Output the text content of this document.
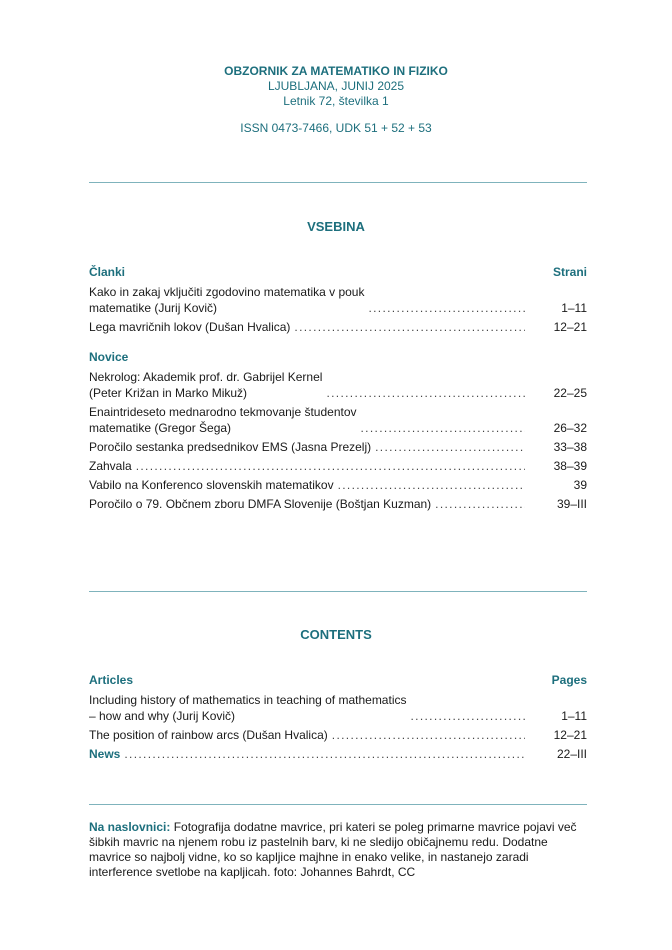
OBZORNIK ZA MATEMATIKO IN FIZIKO
LJUBLJANA, JUNIJ 2025
Letnik 72, številka 1
ISSN 0473-7466, UDK 51 + 52 + 53
VSEBINA
Članki	Strani
Kako in zakaj vključiti zgodovino matematika v pouk
matematike (Jurij Kovič) . . .	1–11
Lega mavričnih lokov (Dušan Hvalica) . . .	12–21
Novice
Nekrolog: Akademik prof. dr. Gabrijel Kernel
(Peter Križan in Marko Mikuž) . . .	22–25
Enaintrideseto mednarodno tekmovanje študentov
matematike (Gregor Šega) . . .	26–32
Poročilo sestanka predsednikov EMS (Jasna Prezelj) . . .	33–38
Zahvala . . .	38–39
Vabilo na Konferenco slovenskih matematikov . . .	39
Poročilo o 79. Občnem zboru DMFA Slovenije (Boštjan Kuzman) . . .	39–III
CONTENTS
Articles	Pages
Including history of mathematics in teaching of mathematics
– how and why (Jurij Kovič) . . .	1–11
The position of rainbow arcs (Dušan Hvalica) . . .	12–21
News . . .	22–III
Na naslovnici: Fotografija dodatne mavrice, pri kateri se poleg primarne mavrice pojavi več šibkih mavric na njenem robu iz pastelnih barv, ki ne sledijo običajnemu redu. Dodatne mavrice so najbolj vidne, ko so kapljice majhne in enako velike, in nastanejo zaradi interference svetlobe na kapljicah. foto: Johannes Bahrdt, CC
